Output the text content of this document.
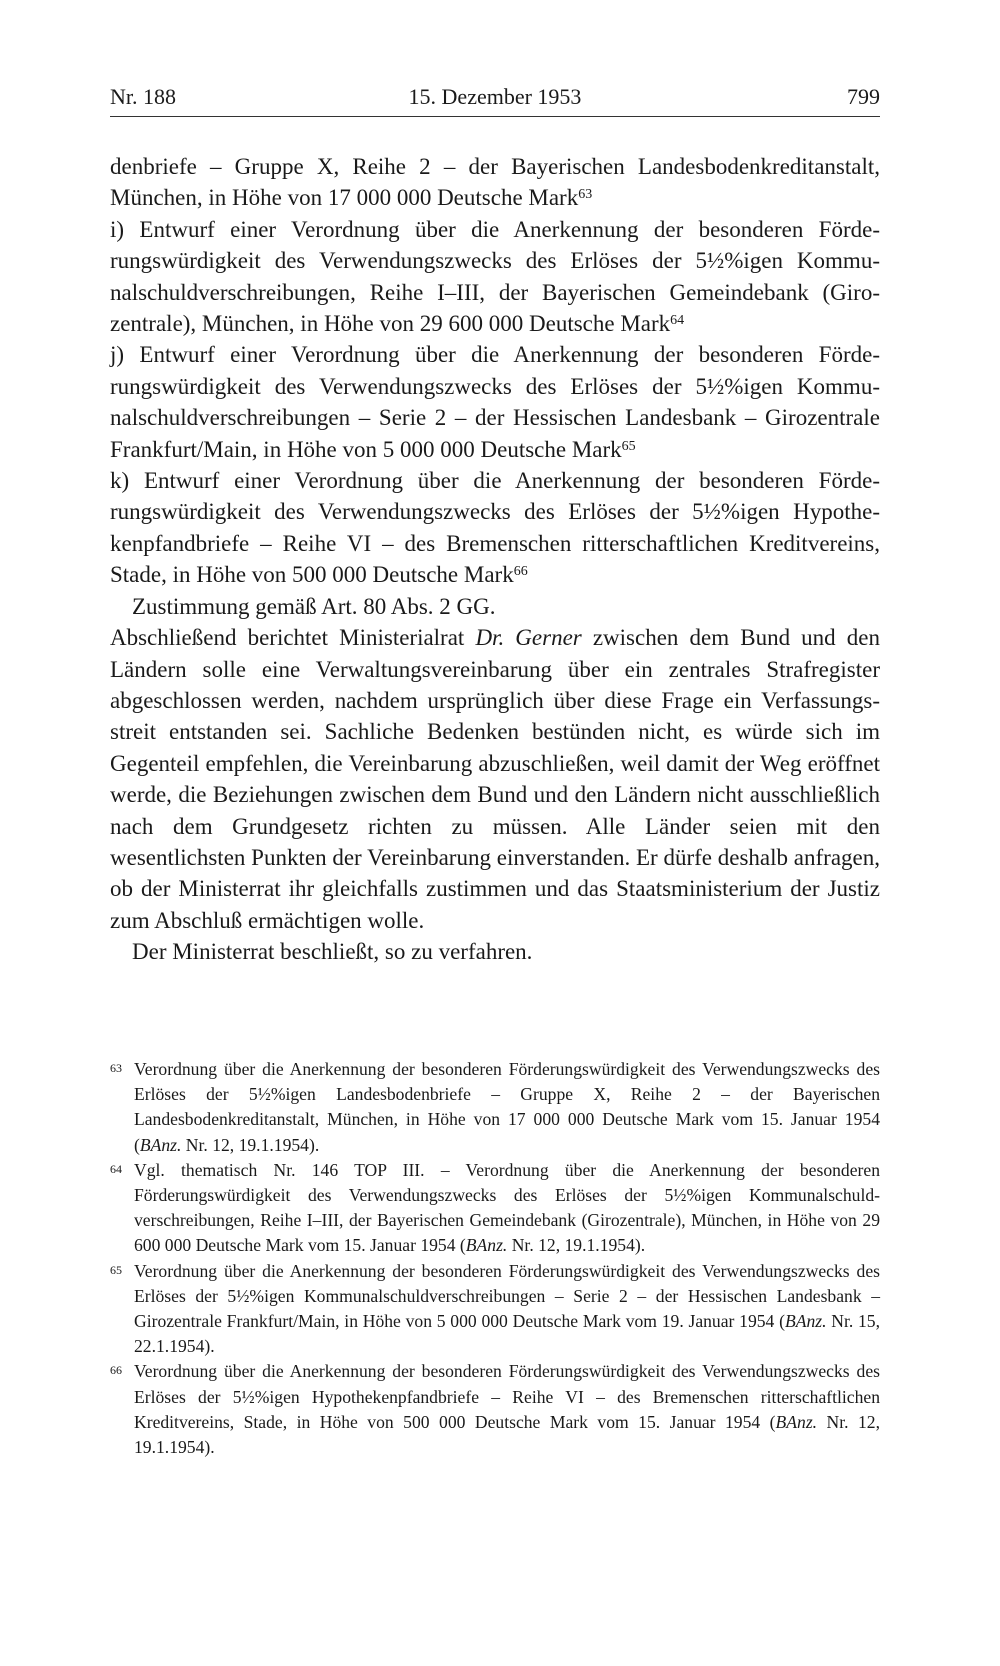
Nr. 188	15. Dezember 1953	799

denbriefe – Gruppe X, Reihe 2 – der Bayerischen Landesbodenkreditanstalt, München, in Höhe von 17 000 000 Deutsche Mark$^{63}$

i) Entwurf einer Verordnung über die Anerkennung der besonderen Förderungswürdigkeit des Verwendungszwecks des Erlöses der 5½%igen Kommunalschuldverschreibungen, Reihe I–III, der Bayerischen Gemeindebank (Girozentrale), München, in Höhe von 29 600 000 Deutsche Mark$^{64}$

j) Entwurf einer Verordnung über die Anerkennung der besonderen Förderungswürdigkeit des Verwendungszwecks des Erlöses der 5½%igen Kommunalschuldverschreibungen – Serie 2 – der Hessischen Landesbank – Girozentrale Frankfurt/Main, in Höhe von 5 000 000 Deutsche Mark$^{65}$

k) Entwurf einer Verordnung über die Anerkennung der besonderen Förderungswürdigkeit des Verwendungszwecks des Erlöses der 5½%igen Hypothekenpfandbriefe – Reihe VI – des Bremenschen ritterschaftlichen Kreditvereins, Stade, in Höhe von 500 000 Deutsche Mark$^{66}$

Zustimmung gemäß Art. 80 Abs. 2 GG.

Abschließend berichtet Ministerialrat Dr. Gerner zwischen dem Bund und den Ländern solle eine Verwaltungsvereinbarung über ein zentrales Strafregister abgeschlossen werden, nachdem ursprünglich über diese Frage ein Verfassungsstreit entstanden sei. Sachliche Bedenken bestünden nicht, es würde sich im Gegenteil empfehlen, die Vereinbarung abzuschließen, weil damit der Weg eröffnet werde, die Beziehungen zwischen dem Bund und den Ländern nicht ausschließlich nach dem Grundgesetz richten zu müssen. Alle Länder seien mit den wesentlichsten Punkten der Vereinbarung einverstanden. Er dürfe deshalb anfragen, ob der Ministerrat ihr gleichfalls zustimmen und das Staatsministerium der Justiz zum Abschluß ermächtigen wolle.

Der Ministerrat beschließt, so zu verfahren.

63 Verordnung über die Anerkennung der besonderen Förderungswürdigkeit des Verwendungszwecks des Erlöses der 5½%igen Landesbodenbriefe – Gruppe X, Reihe 2 – der Bayerischen Landesbodenkreditanstalt, München, in Höhe von 17 000 000 Deutsche Mark vom 15. Januar 1954 (BAnz. Nr. 12, 19.1.1954).

64 Vgl. thematisch Nr. 146 TOP III. – Verordnung über die Anerkennung der besonderen Förderungswürdigkeit des Verwendungszwecks des Erlöses der 5½%igen Kommunalschuldverschreibungen, Reihe I–III, der Bayerischen Gemeindebank (Girozentrale), München, in Höhe von 29 600 000 Deutsche Mark vom 15. Januar 1954 (BAnz. Nr. 12, 19.1.1954).

65 Verordnung über die Anerkennung der besonderen Förderungswürdigkeit des Verwendungszwecks des Erlöses der 5½%igen Kommunalschuldverschreibungen – Serie 2 – der Hessischen Landesbank – Girozentrale Frankfurt/Main, in Höhe von 5 000 000 Deutsche Mark vom 19. Januar 1954 (BAnz. Nr. 15, 22.1.1954).

66 Verordnung über die Anerkennung der besonderen Förderungswürdigkeit des Verwendungszwecks des Erlöses der 5½%igen Hypothekenpfandbriefe – Reihe VI – des Bremenschen ritterschaftlichen Kreditvereins, Stade, in Höhe von 500 000 Deutsche Mark vom 15. Januar 1954 (BAnz. Nr. 12, 19.1.1954).
